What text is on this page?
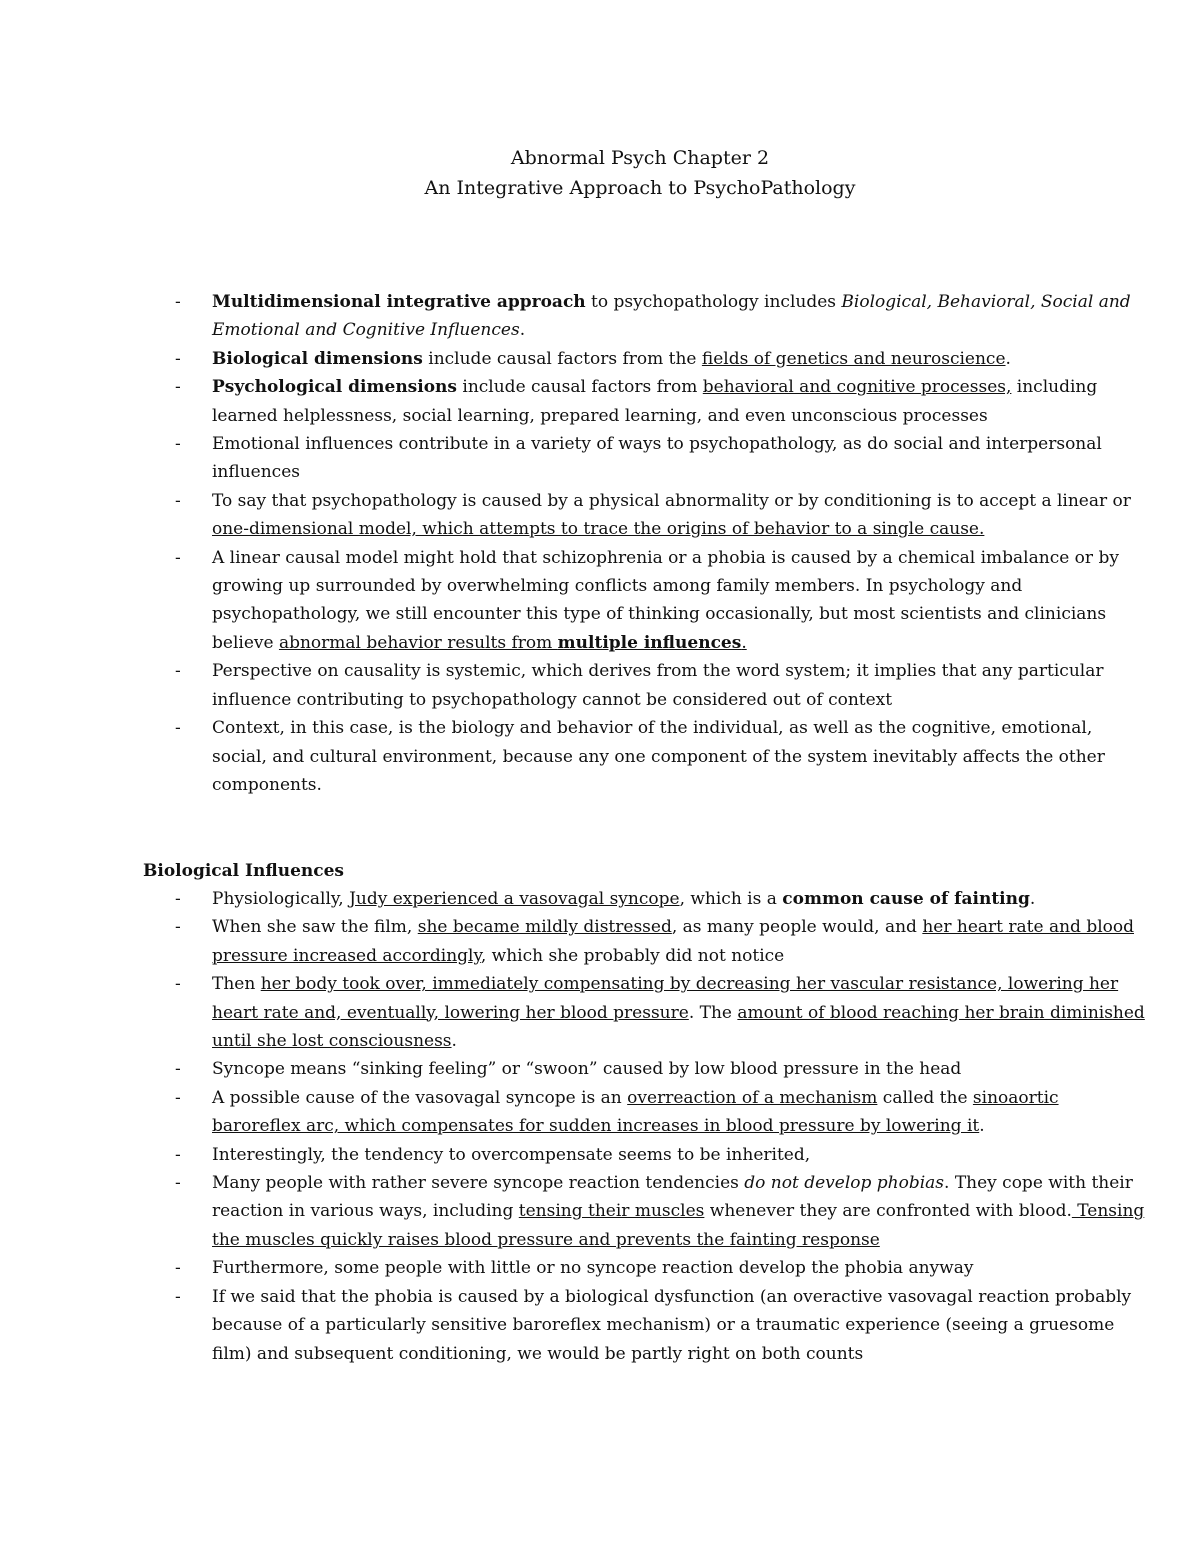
Abnormal Psych Chapter 2
An Integrative Approach to PsychoPathology
- Multidimensional integrative approach to psychopathology includes Biological, Behavioral, Social and Emotional and Cognitive Influences.
- Biological dimensions include causal factors from the fields of genetics and neuroscience.
- Psychological dimensions include causal factors from behavioral and cognitive processes, including learned helplessness, social learning, prepared learning, and even unconscious processes
- Emotional influences contribute in a variety of ways to psychopathology, as do social and interpersonal influences
- To say that psychopathology is caused by a physical abnormality or by conditioning is to accept a linear or one-dimensional model, which attempts to trace the origins of behavior to a single cause.
- A linear causal model might hold that schizophrenia or a phobia is caused by a chemical imbalance or by growing up surrounded by overwhelming conflicts among family members. In psychology and psychopathology, we still encounter this type of thinking occasionally, but most scientists and clinicians believe abnormal behavior results from multiple influences.
- Perspective on causality is systemic, which derives from the word system; it implies that any particular influence contributing to psychopathology cannot be considered out of context
- Context, in this case, is the biology and behavior of the individual, as well as the cognitive, emotional, social, and cultural environment, because any one component of the system inevitably affects the other components.
Biological Influences
- Physiologically, Judy experienced a vasovagal syncope, which is a common cause of fainting.
- When she saw the film, she became mildly distressed, as many people would, and her heart rate and blood pressure increased accordingly, which she probably did not notice
- Then her body took over, immediately compensating by decreasing her vascular resistance, lowering her heart rate and, eventually, lowering her blood pressure. The amount of blood reaching her brain diminished until she lost consciousness.
- Syncope means “sinking feeling” or “swoon” caused by low blood pressure in the head
- A possible cause of the vasovagal syncope is an overreaction of a mechanism called the sinoaortic baroreflex arc, which compensates for sudden increases in blood pressure by lowering it.
- Interestingly, the tendency to overcompensate seems to be inherited,
- Many people with rather severe syncope reaction tendencies do not develop phobias. They cope with their reaction in various ways, including tensing their muscles whenever they are confronted with blood. Tensing the muscles quickly raises blood pressure and prevents the fainting response
- Furthermore, some people with little or no syncope reaction develop the phobia anyway
- If we said that the phobia is caused by a biological dysfunction (an overactive vasovagal reaction probably because of a particularly sensitive baroreflex mechanism) or a traumatic experience (seeing a gruesome film) and subsequent conditioning, we would be partly right on both counts
